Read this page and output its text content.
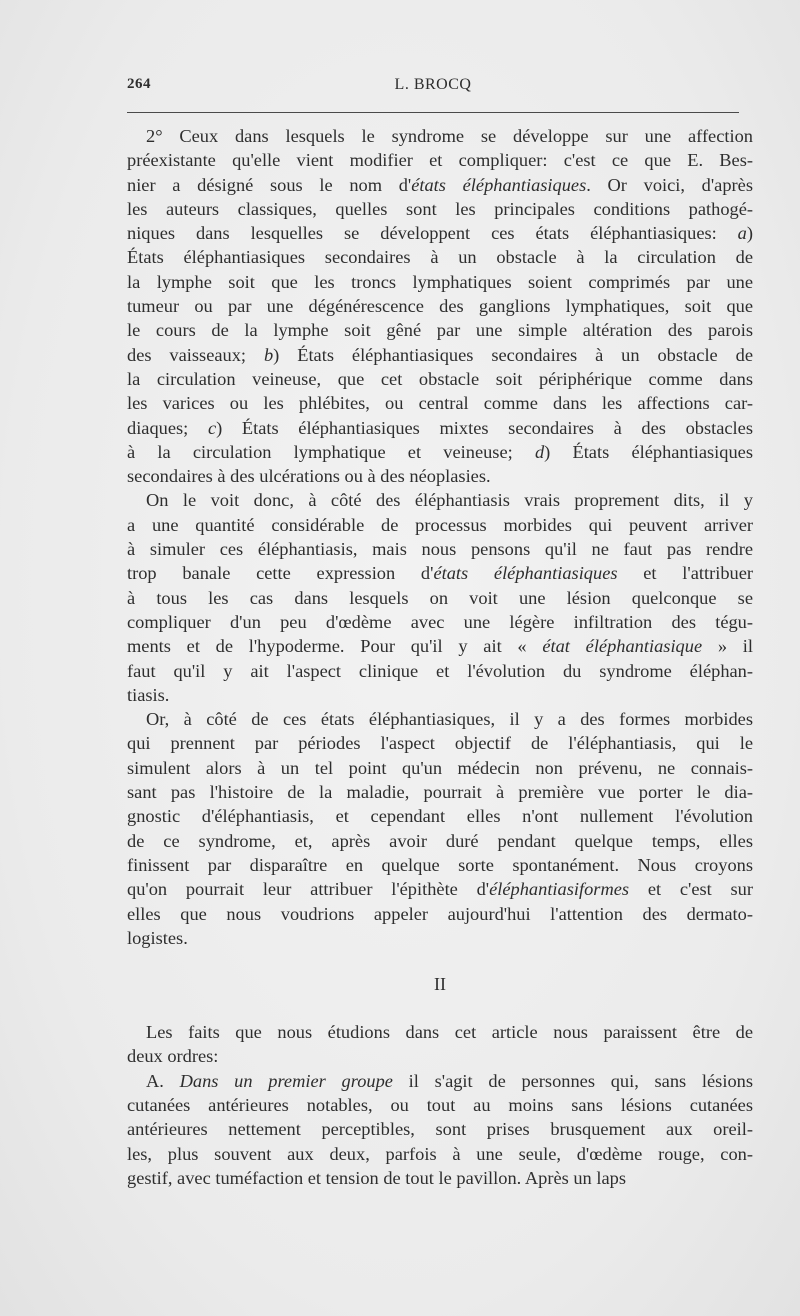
264	L. BROCQ
2° Ceux dans lesquels le syndrome se développe sur une affection
préexistante qu'elle vient modifier et compliquer: c'est ce que E. Bes-
nier a désigné sous le nom d'états éléphantiasiques. Or voici, d'après
les auteurs classiques, quelles sont les principales conditions pathogé-
niques dans lesquelles se développent ces états éléphantiasiques: a)
États éléphantiasiques secondaires à un obstacle à la circulation de
la lymphe soit que les troncs lymphatiques soient comprimés par une
tumeur ou par une dégénérescence des ganglions lymphatiques, soit que
le cours de la lymphe soit gêné par une simple altération des parois
des vaisseaux; b) États éléphantiasiques secondaires à un obstacle de
la circulation veineuse, que cet obstacle soit périphérique comme dans
les varices ou les phlébites, ou central comme dans les affections car-
diaques; c) États éléphantiasiques mixtes secondaires à des obstacles
à la circulation lymphatique et veineuse; d) États éléphantiasiques
secondaires à des ulcérations ou à des néoplasies.
On le voit donc, à côté des éléphantiasis vrais proprement dits, il y
a une quantité considérable de processus morbides qui peuvent arriver
à simuler ces éléphantiasis, mais nous pensons qu'il ne faut pas rendre
trop banale cette expression d'états éléphantiasiques et l'attribuer
à tous les cas dans lesquels on voit une lésion quelconque se
compliquer d'un peu d'œdème avec une légère infiltration des tégu-
ments et de l'hypoderme. Pour qu'il y ait « état éléphantiasique » il
faut qu'il y ait l'aspect clinique et l'évolution du syndrome éléphan-
tiasis.
Or, à côté de ces états éléphantiasiques, il y a des formes morbides
qui prennent par périodes l'aspect objectif de l'éléphantiasis, qui le
simulent alors à un tel point qu'un médecin non prévenu, ne connais-
sant pas l'histoire de la maladie, pourrait à première vue porter le dia-
gnostic d'éléphantiasis, et cependant elles n'ont nullement l'évolution
de ce syndrome, et, après avoir duré pendant quelque temps, elles
finissent par disparaître en quelque sorte spontanément. Nous croyons
qu'on pourrait leur attribuer l'épithète d'éléphantiasiformes et c'est sur
elles que nous voudrions appeler aujourd'hui l'attention des dermato-
logistes.
II
Les faits que nous étudions dans cet article nous paraissent être de
deux ordres:
A. Dans un premier groupe il s'agit de personnes qui, sans lésions
cutanées antérieures notables, ou tout au moins sans lésions cutanées
antérieures nettement perceptibles, sont prises brusquement aux oreil-
les, plus souvent aux deux, parfois à une seule, d'œdème rouge, con-
gestif, avec tuméfaction et tension de tout le pavillon. Après un laps
